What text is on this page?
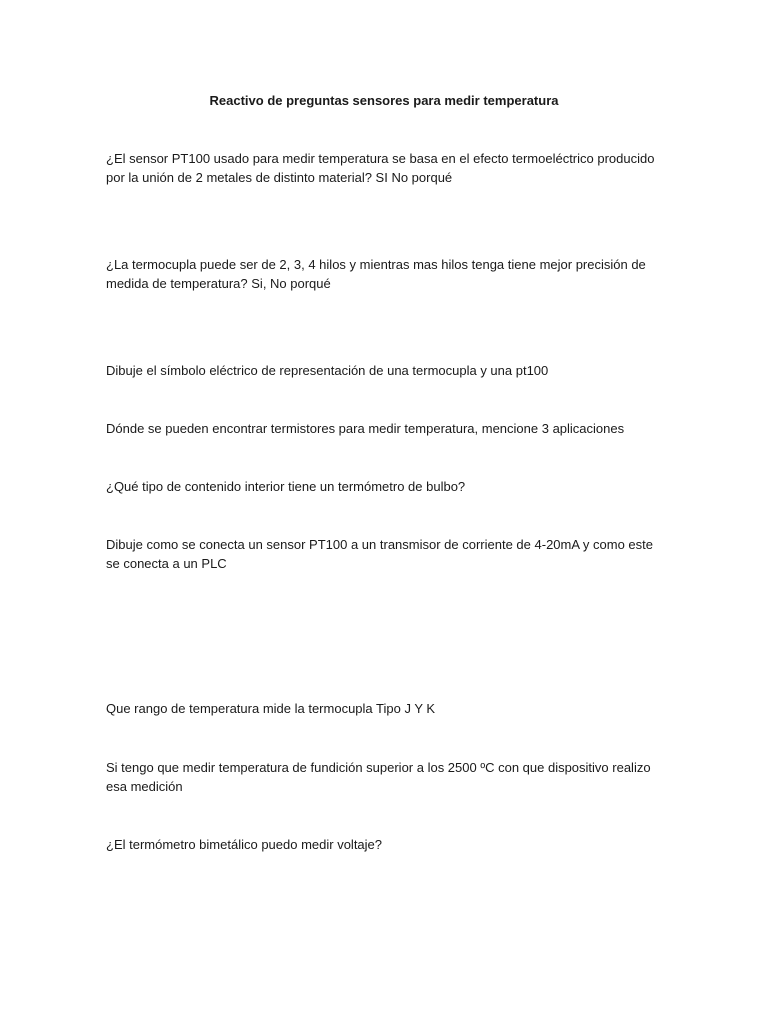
Reactivo de preguntas sensores para medir temperatura

¿El sensor PT100 usado para medir temperatura se basa en el efecto termoeléctrico producido por la unión de 2 metales de distinto material? SI No porqué

¿La termocupla puede ser de 2, 3, 4 hilos y mientras mas hilos tenga tiene mejor precisión de medida de temperatura? Si, No porqué

Dibuje el símbolo eléctrico de representación de una termocupla y una pt100

Dónde se pueden encontrar termistores para medir temperatura, mencione 3 aplicaciones

¿Qué tipo de contenido interior tiene un termómetro de bulbo?

Dibuje como se conecta un sensor PT100 a un transmisor de corriente de 4-20mA y como este se conecta a un PLC

Que rango de temperatura mide la termocupla Tipo J Y K

Si tengo que medir temperatura de fundición superior a los 2500 ºC con que dispositivo realizo esa medición

¿El termómetro bimetálico puedo medir voltaje?
